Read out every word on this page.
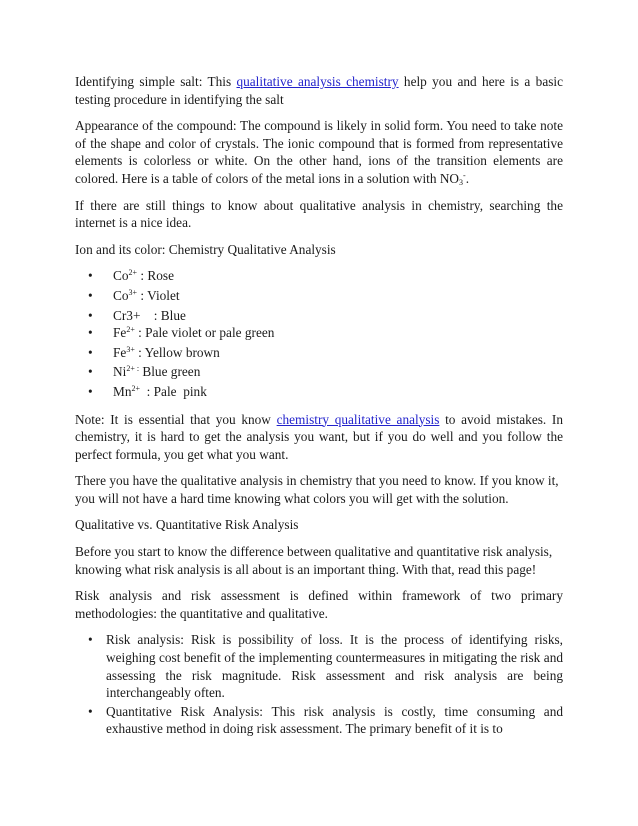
Identifying simple salt: This qualitative analysis chemistry help you and here is a basic testing procedure in identifying the salt

Appearance of the compound: The compound is likely in solid form. You need to take note of the shape and color of crystals. The ionic compound that is formed from representative elements is colorless or white. On the other hand, ions of the transition elements are colored. Here is a table of colors of the metal ions in a solution with $NO_3^-$.

If there are still things to know about qualitative analysis in chemistry, searching the internet is a nice idea.

Ion and its color: Chemistry Qualitative Analysis

• $Co^{2+}$ : Rose
• $Co^{3+}$ : Violet
• Cr3+    : Blue
• $Fe^{2+}$ : Pale violet or pale green
• $Fe^{3+}$ : Yellow brown
• $Ni^{2+ :}$ Blue green
• $Mn^{2+}$  : Pale  pink

Note: It is essential that you know chemistry qualitative analysis to avoid mistakes. In chemistry, it is hard to get the analysis you want, but if you do well and you follow the perfect formula, you get what you want.

There you have the qualitative analysis in chemistry that you need to know. If you know it, you will not have a hard time knowing what colors you will get with the solution.

Qualitative vs. Quantitative Risk Analysis

Before you start to know the difference between qualitative and quantitative risk analysis, knowing what risk analysis is all about is an important thing. With that, read this page!

Risk analysis and risk assessment is defined within framework of two primary methodologies: the quantitative and qualitative.

• Risk analysis: Risk is possibility of loss. It is the process of identifying risks, weighing cost benefit of the implementing countermeasures in mitigating the risk and assessing the risk magnitude. Risk assessment and risk analysis are being interchangeably often.
• Quantitative Risk Analysis: This risk analysis is costly, time consuming and exhaustive method in doing risk assessment. The primary benefit of it is to
